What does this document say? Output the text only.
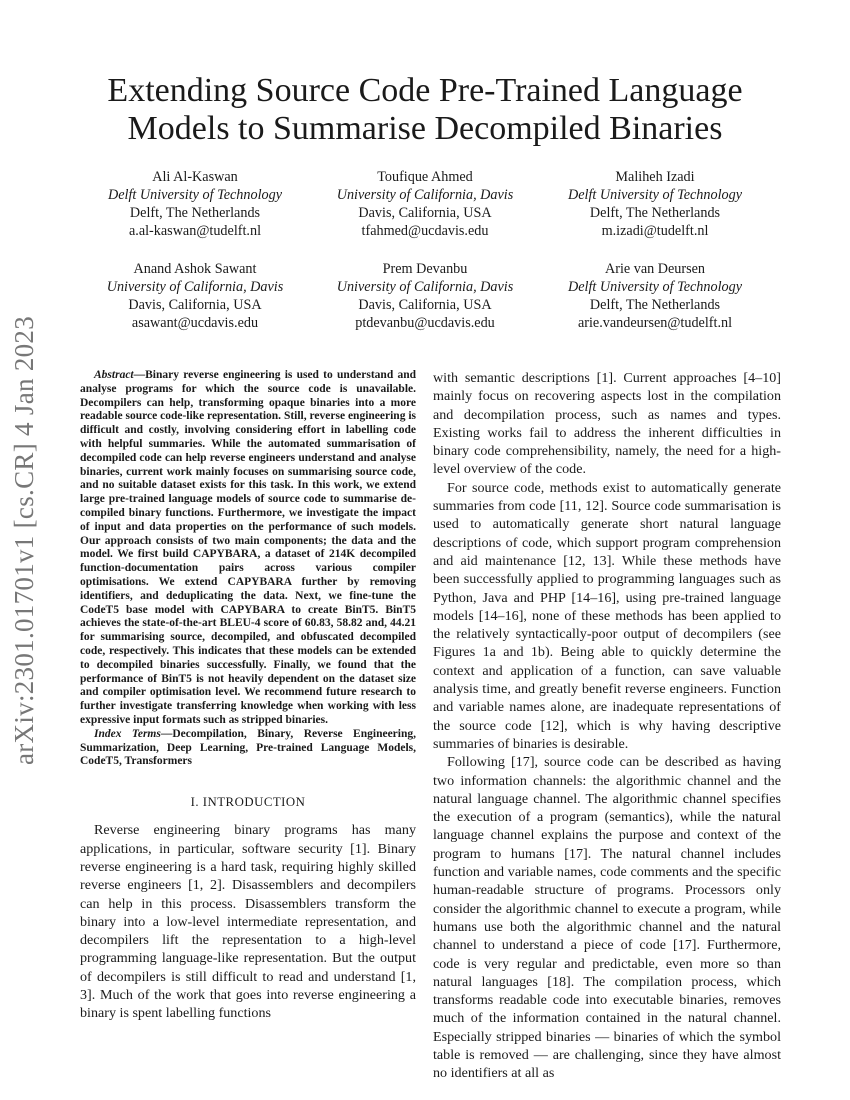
arXiv:2301.01701v1 [cs.CR] 4 Jan 2023
Extending Source Code Pre-Trained Language Models to Summarise Decompiled Binaries
Ali Al-Kaswan
Delft University of Technology
Delft, The Netherlands
a.al-kaswan@tudelft.nl
Toufique Ahmed
University of California, Davis
Davis, California, USA
tfahmed@ucdavis.edu
Maliheh Izadi
Delft University of Technology
Delft, The Netherlands
m.izadi@tudelft.nl
Anand Ashok Sawant
University of California, Davis
Davis, California, USA
asawant@ucdavis.edu
Prem Devanbu
University of California, Davis
Davis, California, USA
ptdevanbu@ucdavis.edu
Arie van Deursen
Delft University of Technology
Delft, The Netherlands
arie.vandeursen@tudelft.nl

Abstract—Binary reverse engineering is used to understand and analyse programs for which the source code is unavailable. Decompilers can help, transforming opaque binaries into a more readable source code-like representation. Still, reverse engineering is difficult and costly, involving considering effort in labelling code with helpful summaries. While the automated summarisation of decompiled code can help reverse engineers understand and analyse binaries, current work mainly focuses on summarising source code, and no suitable dataset exists for this task. In this work, we extend large pre-trained language models of source code to summarise de-compiled binary functions. Furthermore, we investigate the impact of input and data properties on the performance of such models. Our approach consists of two main components; the data and the model. We first build CAPYBARA, a dataset of 214K decompiled function-documentation pairs across various compiler optimisations. We extend CAPYBARA further by removing identifiers, and deduplicating the data. Next, we fine-tune the CodeT5 base model with CAPYBARA to create BinT5. BinT5 achieves the state-of-the-art BLEU-4 score of 60.83, 58.82 and, 44.21 for summarising source, decompiled, and obfuscated decompiled code, respectively. This indicates that these models can be extended to decompiled binaries successfully. Finally, we found that the performance of BinT5 is not heavily dependent on the dataset size and compiler optimisation level. We recommend future research to further investigate transferring knowledge when working with less expressive input formats such as stripped binaries.

Index Terms—Decompilation, Binary, Reverse Engineering, Summarization, Deep Learning, Pre-trained Language Models, CodeT5, Transformers

I. INTRODUCTION

Reverse engineering binary programs has many applications, in particular, software security [1]. Binary reverse engineering is a hard task, requiring highly skilled reverse engineers [1, 2]. Disassemblers and decompilers can help in this process. Disassemblers transform the binary into a low-level intermediate representation, and decompilers lift the representation to a high-level programming language-like representation. But the output of decompilers is still difficult to read and understand [1, 3]. Much of the work that goes into reverse engineering a binary is spent labelling functions

with semantic descriptions [1]. Current approaches [4–10] mainly focus on recovering aspects lost in the compilation and decompilation process, such as names and types. Existing works fail to address the inherent difficulties in binary code comprehensibility, namely, the need for a high-level overview of the code.

For source code, methods exist to automatically generate summaries from code [11, 12]. Source code summarisation is used to automatically generate short natural language descriptions of code, which support program comprehension and aid maintenance [12, 13]. While these methods have been successfully applied to programming languages such as Python, Java and PHP [14–16], using pre-trained language models [14–16], none of these methods has been applied to the relatively syntactically-poor output of decompilers (see Figures 1a and 1b). Being able to quickly determine the context and application of a function, can save valuable analysis time, and greatly benefit reverse engineers. Function and variable names alone, are inadequate representations of the source code [12], which is why having descriptive summaries of binaries is desirable.

Following [17], source code can be described as having two information channels: the algorithmic channel and the natural language channel. The algorithmic channel specifies the execution of a program (semantics), while the natural language channel explains the purpose and context of the program to humans [17]. The natural channel includes function and variable names, code comments and the specific human-readable structure of programs. Processors only consider the algorithmic channel to execute a program, while humans use both the algorithmic channel and the natural channel to understand a piece of code [17]. Furthermore, code is very regular and predictable, even more so than natural languages [18]. The compilation process, which transforms readable code into executable binaries, removes much of the information contained in the natural channel. Especially stripped binaries — binaries of which the symbol table is removed — are challenging, since they have almost no identifiers at all as
